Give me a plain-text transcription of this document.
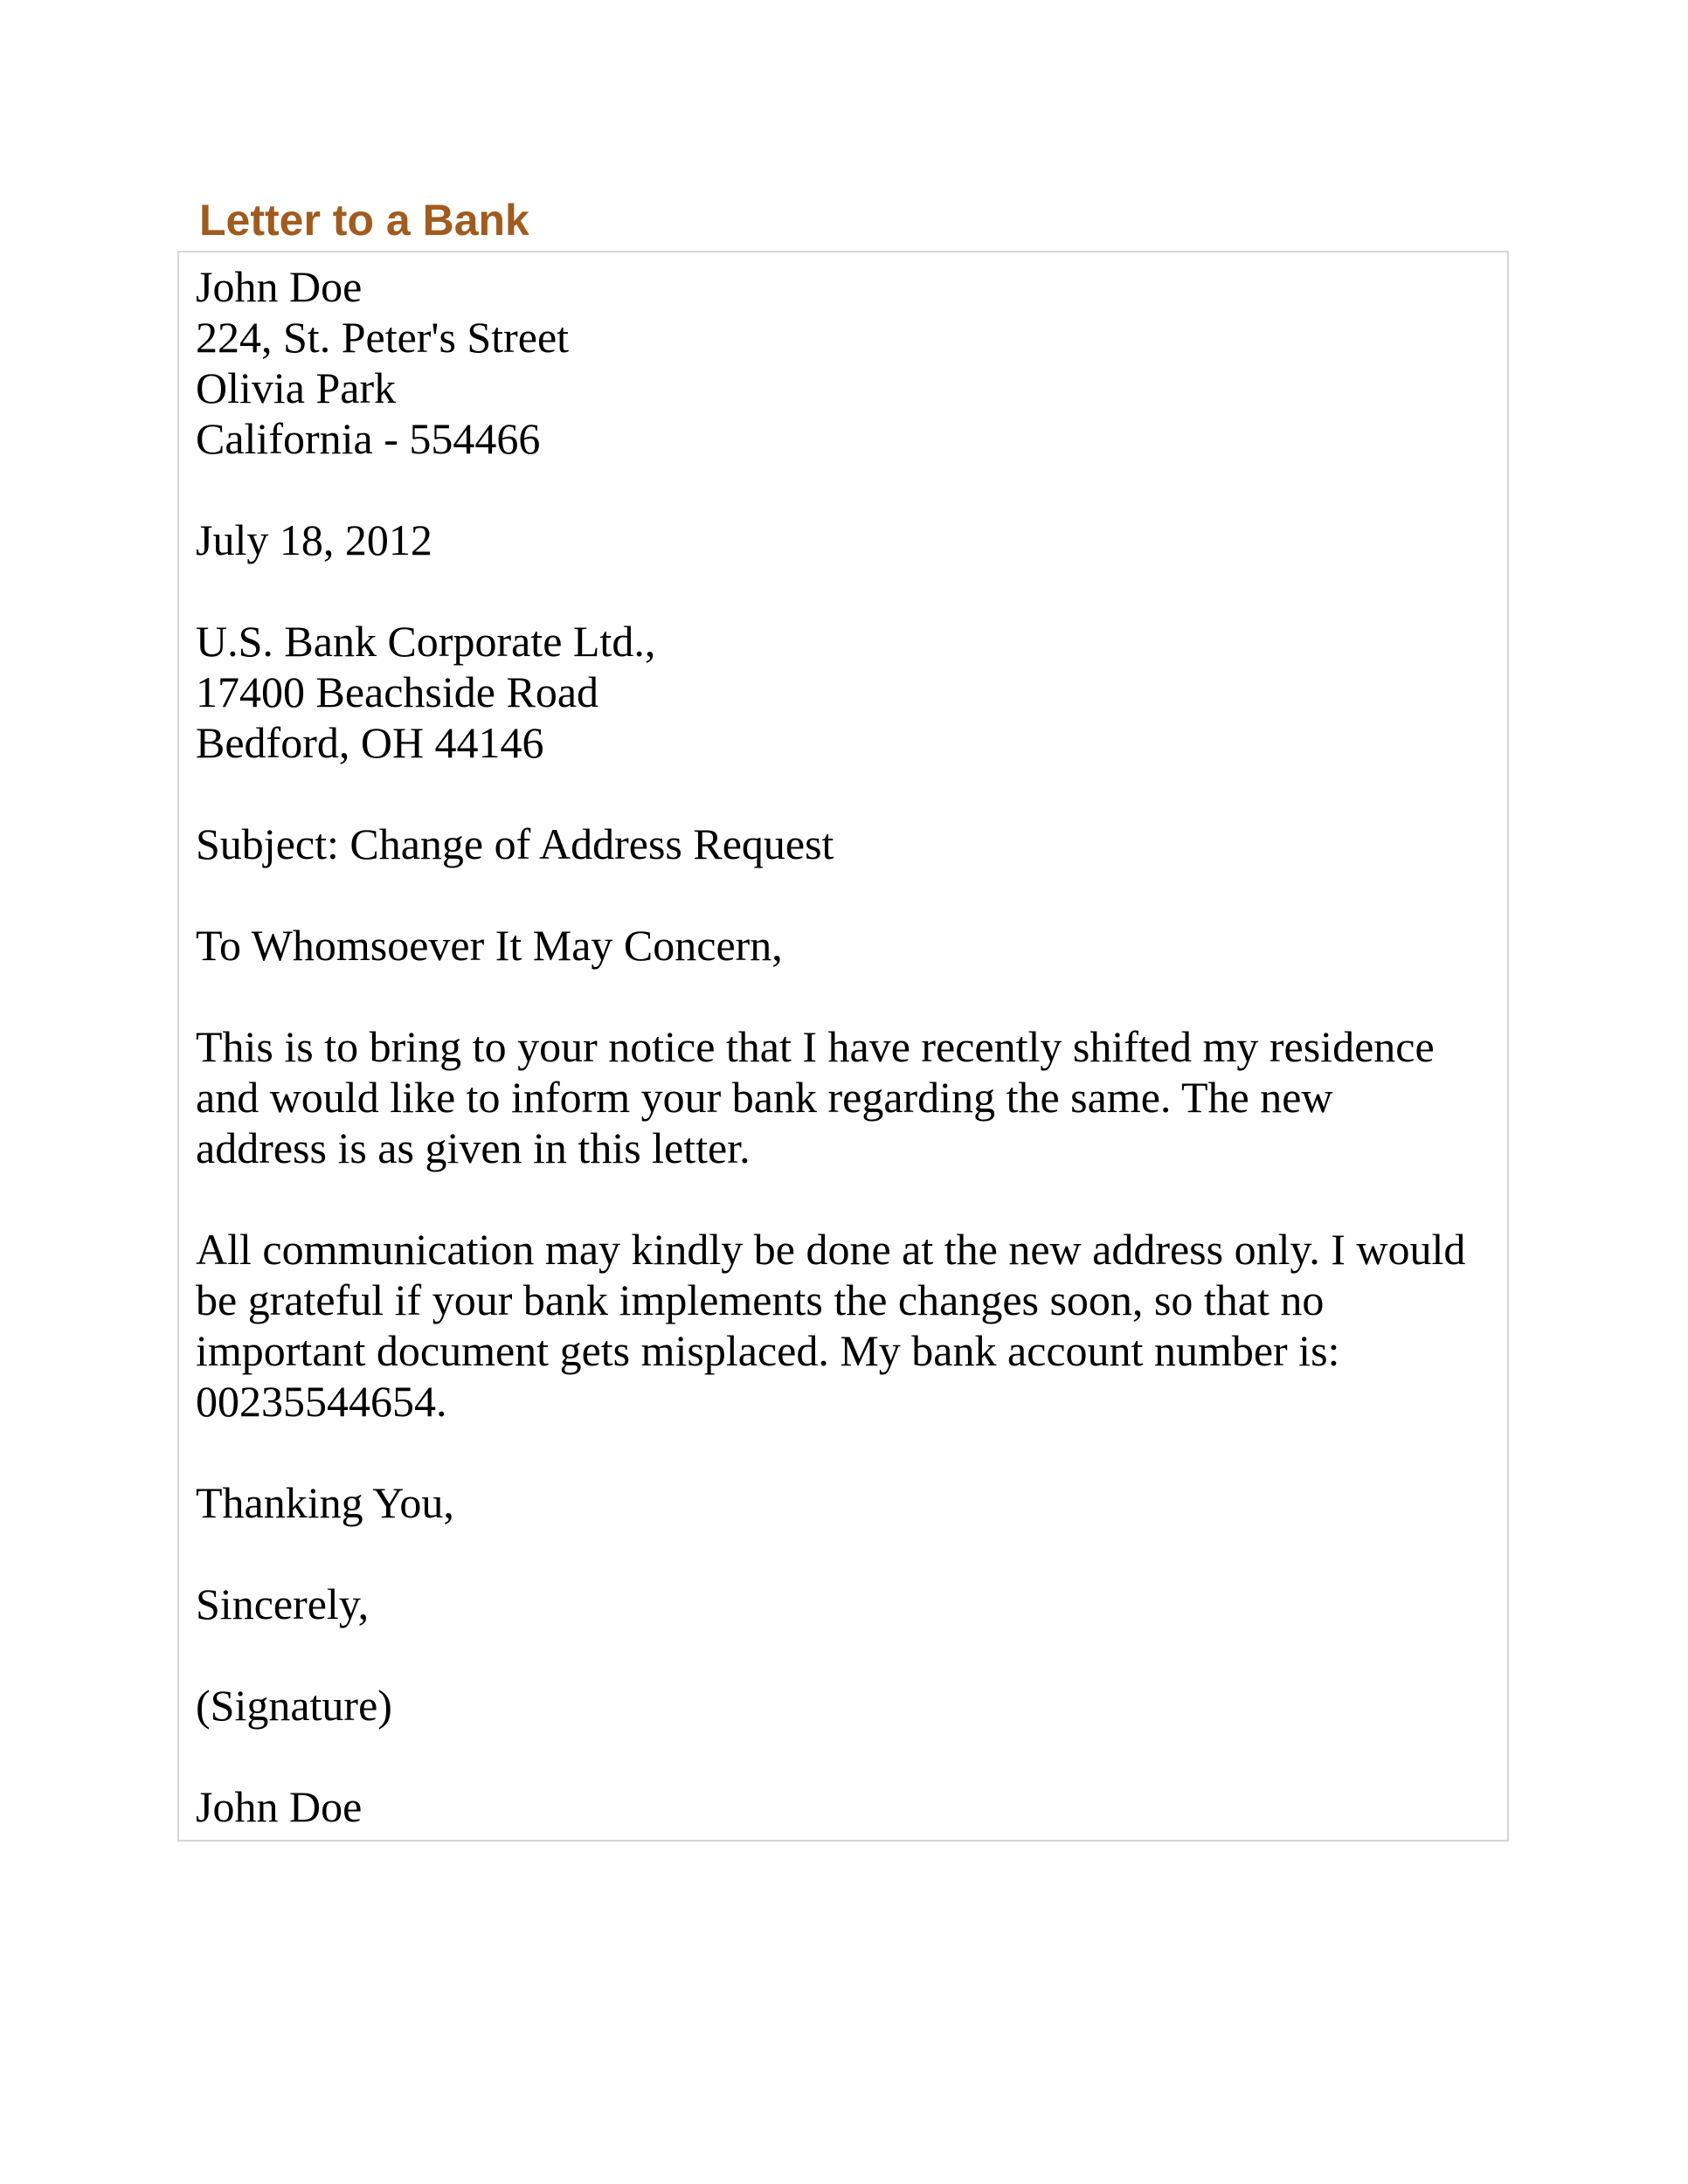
Letter to a Bank
John Doe
224, St. Peter's Street
Olivia Park
California - 554466
July 18, 2012
U.S. Bank Corporate Ltd.,
17400 Beachside Road
Bedford, OH 44146
Subject: Change of Address Request
To Whomsoever It May Concern,
This is to bring to your notice that I have recently shifted my residence
and would like to inform your bank regarding the same. The new
address is as given in this letter.
All communication may kindly be done at the new address only. I would
be grateful if your bank implements the changes soon, so that no
important document gets misplaced. My bank account number is:
00235544654.
Thanking You,
Sincerely,
(Signature)
John Doe
